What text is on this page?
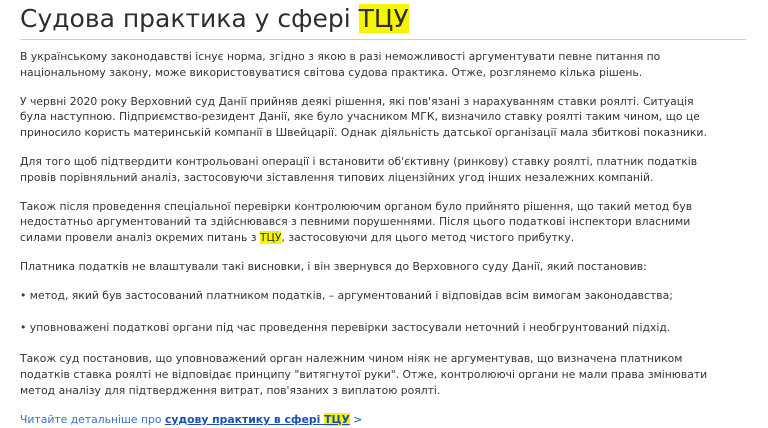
Судова практика у сфері ТЦУ

В українському законодавстві існує норма, згідно з якою в разі неможливості аргументувати певне питання по національному закону, може використовуватися світова судова практика. Отже, розглянемо кілька рішень.

У червні 2020 року Верховний суд Данії прийняв деякі рішення, які пов'язані з нарахуванням ставки роялті. Ситуація була наступною. Підприємство-резидент Данії, яке було учасником МГК, визначило ставку роялті таким чином, що це приносило користь материнській компанії в Швейцарії. Однак діяльність датської організації мала збиткові показники.

Для того щоб підтвердити контрольовані операції і встановити об'єктивну (ринкову) ставку роялті, платник податків провів порівняльний аналіз, застосовуючи зіставлення типових ліцензійних угод інших незалежних компаній.

Також після проведення спеціальної перевірки контролюючим органом було прийнято рішення, що такий метод був недостатньо аргументований та здійснювався з певними порушеннями. Після цього податкові інспектори власними силами провели аналіз окремих питань з ТЦУ, застосовуючи для цього метод чистого прибутку.

Платника податків не влаштували такі висновки, і він звернувся до Верховного суду Данії, який постановив:

• метод, який був застосований платником податків, – аргументований і відповідав всім вимогам законодавства;

• уповноважені податкові органи під час проведення перевірки застосували неточний і необгрунтований підхід.

Також суд постановив, що уповноважений орган належним чином ніяк не аргументував, що визначена платником податків ставка роялті не відповідає принципу "витягнутої руки". Отже, контролюючі органи не мали права змінювати метод аналізу для підтвердження витрат, пов'язаних з виплатою роялті.

Читайте детальніше про судову практику в сфері ТЦУ >
